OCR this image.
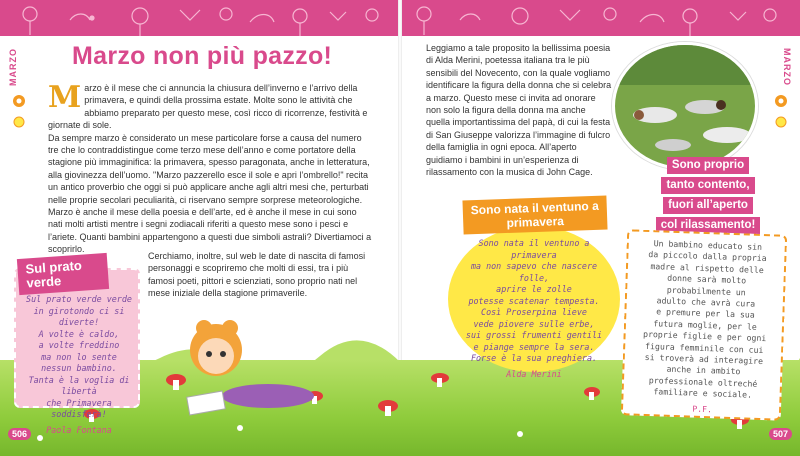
MARZO	MARZO
Marzo non più pazzo!

Marzo è il mese che ci annuncia la chiusura dell’inverno e l’arrivo della primavera, e quindi della prossima estate. Molte sono le attività che abbiamo preparato per questo mese, così ricco di ricorrenze, festività e giornate di sole.

Da sempre marzo è considerato un mese particolare forse a causa del numero tre che lo contraddistingue come terzo mese dell’anno e come portatore della stagione più immaginifica: la primavera, spesso paragonata, anche in letteratura, alla giovinezza dell’uomo. "Marzo pazzerello esce il sole e apri l’ombrello!" recita un antico proverbio che oggi si può applicare anche agli altri mesi che, perturbati nelle proprie secolari peculiarità, ci riservano sempre sorprese meteorologiche. Marzo è anche il mese della poesia e dell’arte, ed è anche il mese in cui sono nati molti artisti mentre i segni zodiacali riferiti a questo mese sono i pesci e l’ariete. Quanti bambini appartengono a questi due simboli astrali? Divertiamoci a scoprirlo.

Cerchiamo, inoltre, sul web le date di nascita di famosi personaggi e scopriremo che molti di essi, tra i più famosi poeti, pittori e scienziati, sono proprio nati nel mese iniziale della stagione primaverile.
Leggiamo a tale proposito la bellissima poesia di Alda Merini, poetessa italiana tra le più sensibili del Novecento, con la quale vogliamo identificare la figura della donna che si celebra a marzo. Questo mese ci invita ad onorare non solo la figura della donna ma anche quella importantissima del papà, di cui la festa di San Giuseppe valorizza l’immagine di fulcro della famiglia in ogni epoca. All’aperto guidiamo i bambini in un’esperienza di rilassamento con la musica di John Cage.
Sono proprio
tanto contento,
fuori all’aperto
col rilassamento!
Sul prato verde

Sul prato verde verde

in girotondo ci si diverte!

A volte è caldo,

a volte freddino

ma non lo sente

nessun bambino.

Tanta è la voglia di libertà

che Primavera soddisferà!

Paola Fontana

Sono nata il ventuno a primavera

Sono nata il ventuno a primavera

ma non sapevo che nascere folle,

aprire le zolle

potesse scatenar tempesta.

Così Proserpina lieve

vede piovere sulle erbe,

sui grossi frumenti gentili

e piange sempre la sera.

Forse è la sua preghiera.

Alda Merini

Un bambino educato sin

da piccolo dalla propria

madre al rispetto delle

donne sarà molto

probabilmente un

adulto che avrà cura

e premure per la sua

futura moglie, per le

proprie figlie e per ogni

figura femminile con cui

si troverà ad interagire

anche in ambito

professionale oltreché

familiare e sociale.

P.F.

506	507
